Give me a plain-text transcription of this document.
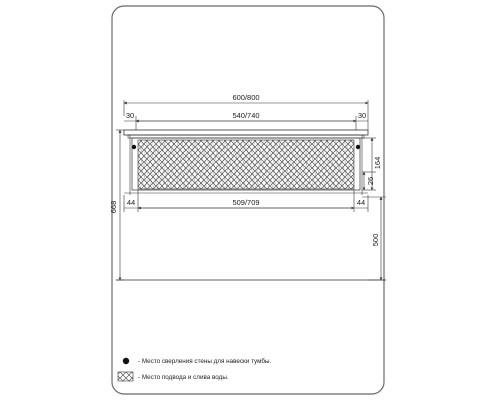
600/800
30	540/740	30
44	509/709	44
668
164
26
500
- Место сверления стены для навески тумбы.
- Место подвода и слива воды.
